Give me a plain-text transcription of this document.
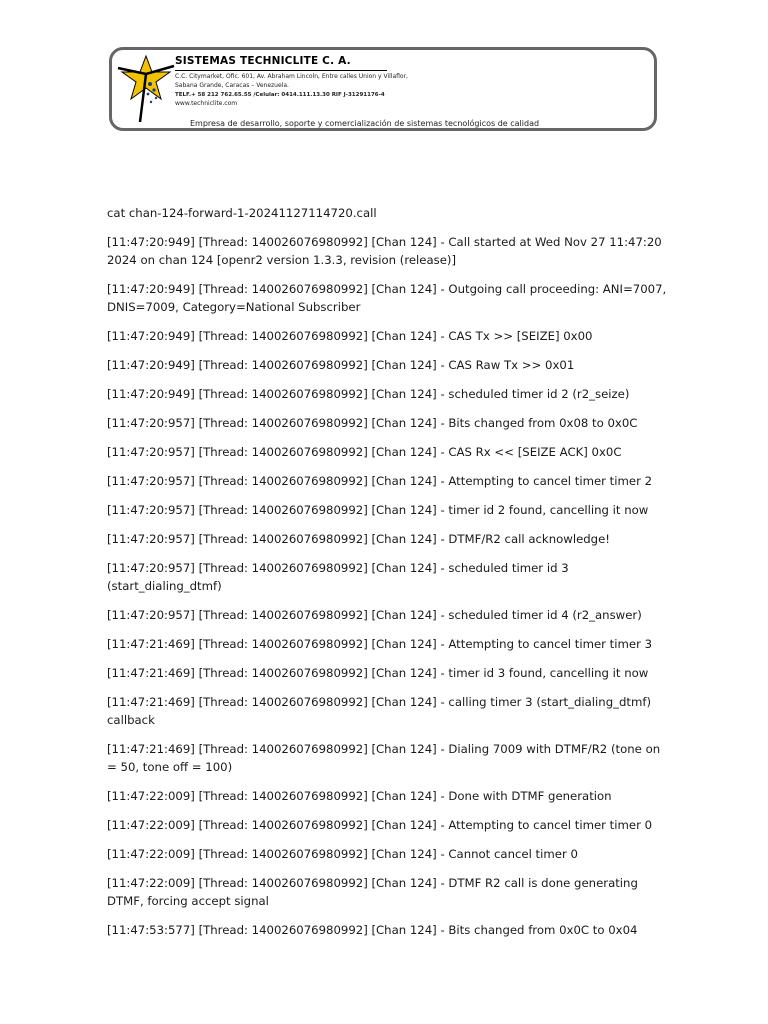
SISTEMAS TECHNICLITE C. A.
C.C. Citymarket, Ofic. 601, Av. Abraham Lincoln, Entre calles Union y Villaflor,
Sabana Grande, Caracas – Venezuela.
TELF.+ 58 212 762.65.55 /Celular: 0414.111.13.30 RIF J-31291176-4
www.techniclite.com
Empresa de desarrollo, soporte y comercialización de sistemas tecnológicos de calidad

cat chan-124-forward-1-20241127114720.call

[11:47:20:949] [Thread: 140026076980992] [Chan 124] - Call started at Wed Nov 27 11:47:20 2024 on chan 124 [openr2 version 1.3.3, revision (release)]

[11:47:20:949] [Thread: 140026076980992] [Chan 124] - Outgoing call proceeding: ANI=7007, DNIS=7009, Category=National Subscriber

[11:47:20:949] [Thread: 140026076980992] [Chan 124] - CAS Tx >> [SEIZE] 0x00

[11:47:20:949] [Thread: 140026076980992] [Chan 124] - CAS Raw Tx >> 0x01

[11:47:20:949] [Thread: 140026076980992] [Chan 124] - scheduled timer id 2 (r2_seize)

[11:47:20:957] [Thread: 140026076980992] [Chan 124] - Bits changed from 0x08 to 0x0C

[11:47:20:957] [Thread: 140026076980992] [Chan 124] - CAS Rx << [SEIZE ACK] 0x0C

[11:47:20:957] [Thread: 140026076980992] [Chan 124] - Attempting to cancel timer timer 2

[11:47:20:957] [Thread: 140026076980992] [Chan 124] - timer id 2 found, cancelling it now

[11:47:20:957] [Thread: 140026076980992] [Chan 124] - DTMF/R2 call acknowledge!

[11:47:20:957] [Thread: 140026076980992] [Chan 124] - scheduled timer id 3 (start_dialing_dtmf)

[11:47:20:957] [Thread: 140026076980992] [Chan 124] - scheduled timer id 4 (r2_answer)

[11:47:21:469] [Thread: 140026076980992] [Chan 124] - Attempting to cancel timer timer 3

[11:47:21:469] [Thread: 140026076980992] [Chan 124] - timer id 3 found, cancelling it now

[11:47:21:469] [Thread: 140026076980992] [Chan 124] - calling timer 3 (start_dialing_dtmf) callback

[11:47:21:469] [Thread: 140026076980992] [Chan 124] - Dialing 7009 with DTMF/R2 (tone on = 50, tone off = 100)

[11:47:22:009] [Thread: 140026076980992] [Chan 124] - Done with DTMF generation

[11:47:22:009] [Thread: 140026076980992] [Chan 124] - Attempting to cancel timer timer 0

[11:47:22:009] [Thread: 140026076980992] [Chan 124] - Cannot cancel timer 0

[11:47:22:009] [Thread: 140026076980992] [Chan 124] - DTMF R2 call is done generating DTMF, forcing accept signal

[11:47:53:577] [Thread: 140026076980992] [Chan 124] - Bits changed from 0x0C to 0x04
